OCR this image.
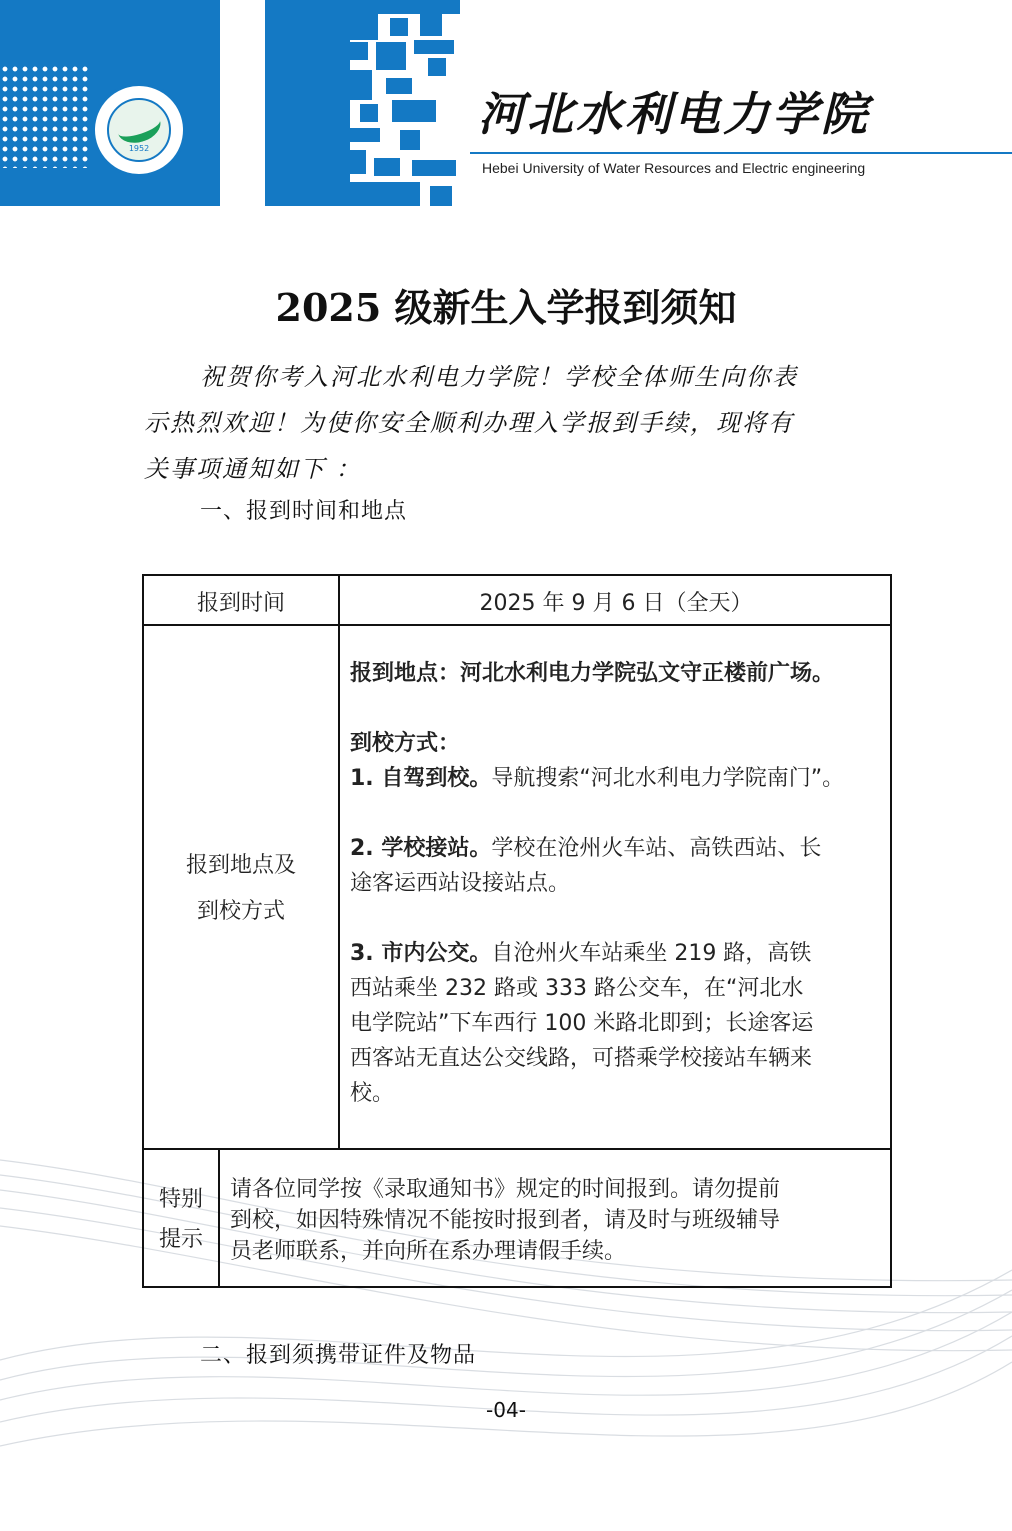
1952
河北水利电力学院
Hebei University of Water Resources and Electric engineering
2025 级新生入学报到须知
祝贺你考入河北水利电力学院！学校全体师生向你表
示热烈欢迎！为使你安全顺利办理入学报到手续，现将有
关事项通知如下 ：
一、报到时间和地点
报到时间	2025 年 9 月 6 日（全天）
报到地点及
到校方式

报到地点：河北水利电力学院弘文守正楼前广场。

到校方式：

1. 自驾到校。导航搜索“河北水利电力学院南门”。

2. 学校接站。学校在沧州火车站、高铁西站、长

途客运西站设接站点。

3. 市内公交。自沧州火车站乘坐 219 路，高铁

西站乘坐 232 路或 333 路公交车，在“河北水

电学院站”下车西行 100 米路北即到；长途客运

西客站无直达公交线路，可搭乘学校接站车辆来

校。

特别
提示
请各位同学按《录取通知书》规定的时间报到。请勿提前
到校，如因特殊情况不能按时报到者，请及时与班级辅导
员老师联系，并向所在系办理请假手续。
二、报到须携带证件及物品
-04-
